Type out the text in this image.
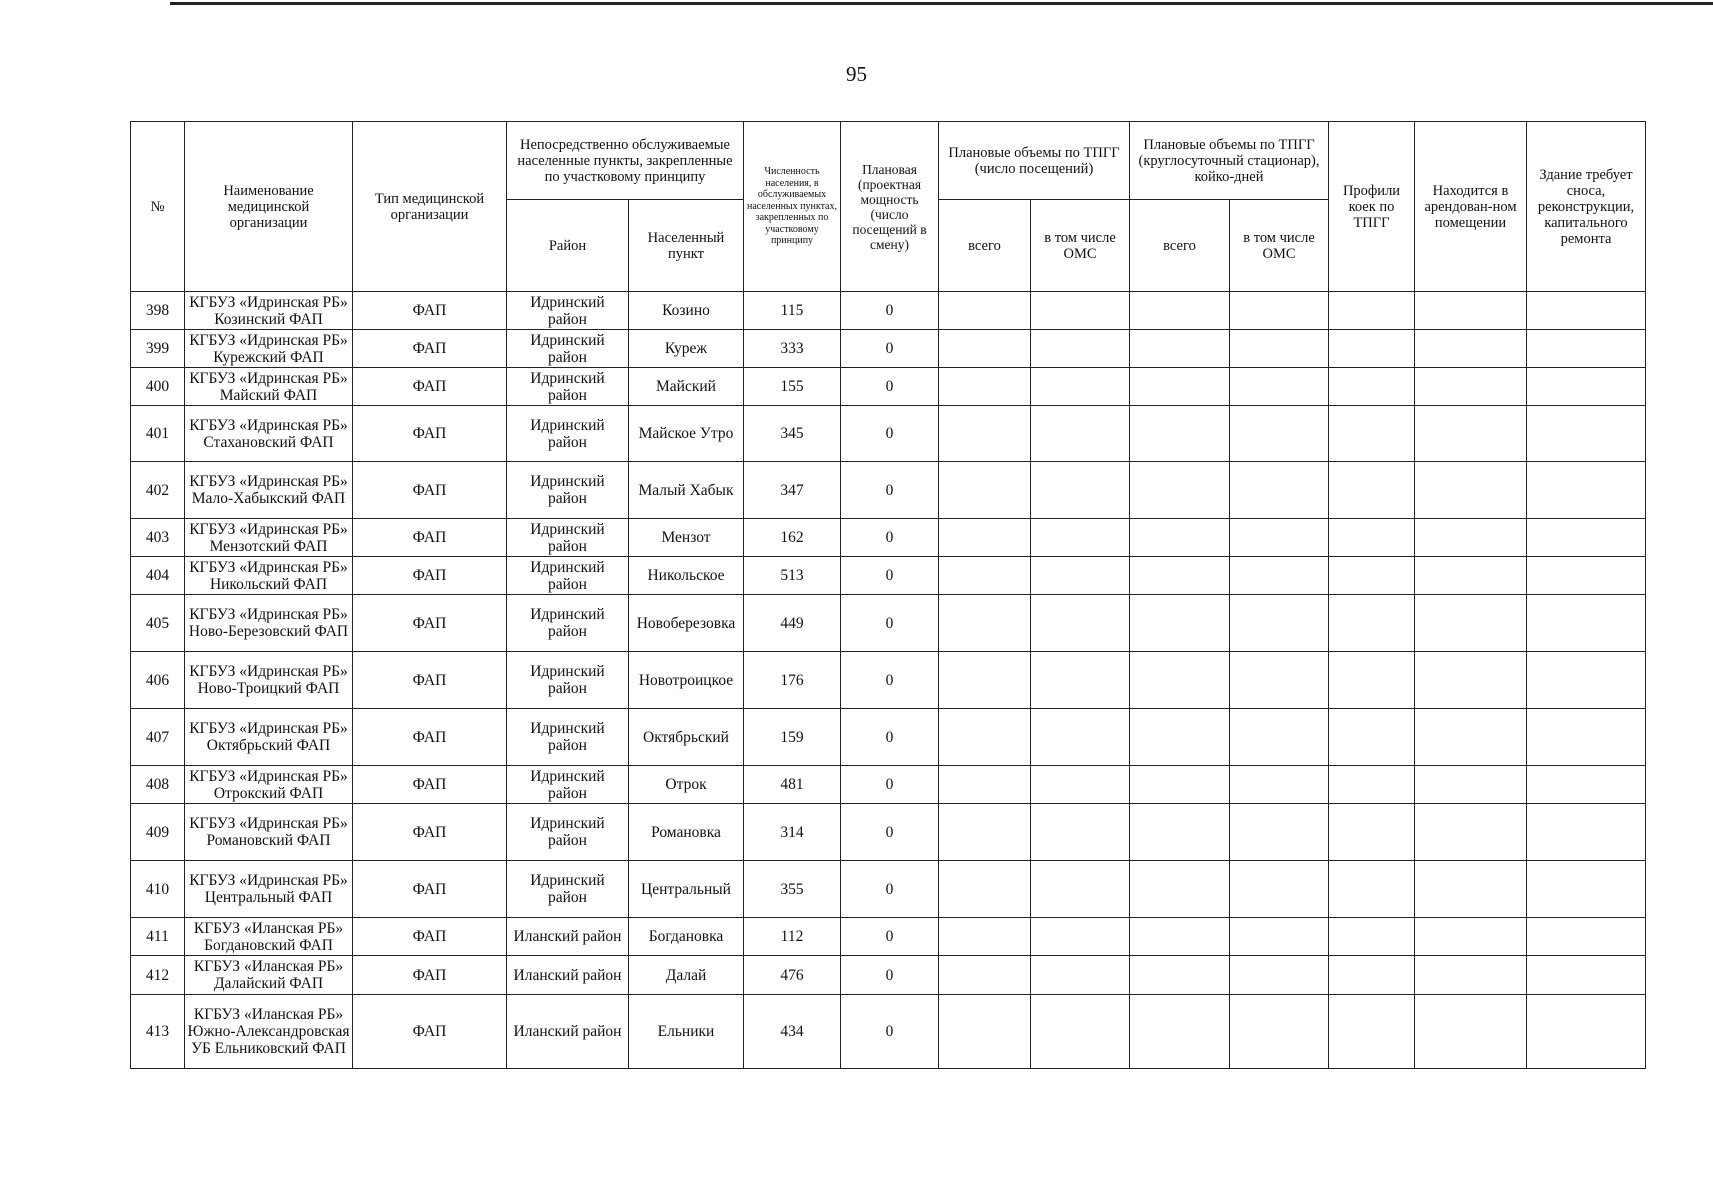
95
№	Наименование медицинской организации	Тип медицинской организации	Непосредственно обслуживаемые населенные пункты, закрепленные по участковому принципу		Численность населения, в обслуживаемых населенных пунктах, закрепленных по участковому принципу	Плановая (проектная мощность (число посещений в смену)	Плановые объемы по ТПГГ (число посещений)		Плановые объемы по ТПГГ (круглосуточный стационар), койко-дней		Профили коек по ТПГГ	Находится в арендован-ном помещении	Здание требует сноса, реконструкции, капитального ремонта
			Район	Населенный пункт			всего	в том числе ОМС	всего	в том числе ОМС			
398	КГБУЗ «Идринская РБ» Козинский ФАП	ФАП	Идринский район	Козино	115	0							
399	КГБУЗ «Идринская РБ» Курежский ФАП	ФАП	Идринский район	Куреж	333	0							
400	КГБУЗ «Идринская РБ» Майский ФАП	ФАП	Идринский район	Майский	155	0							
401	КГБУЗ «Идринская РБ» Стахановский ФАП	ФАП	Идринский район	Майское Утро	345	0							
402	КГБУЗ «Идринская РБ» Мало-Хабыкский ФАП	ФАП	Идринский район	Малый Хабык	347	0							
403	КГБУЗ «Идринская РБ» Мензотский ФАП	ФАП	Идринский район	Мензот	162	0							
404	КГБУЗ «Идринская РБ» Никольский ФАП	ФАП	Идринский район	Никольское	513	0							
405	КГБУЗ «Идринская РБ» Ново-Березовский ФАП	ФАП	Идринский район	Новоберезовка	449	0							
406	КГБУЗ «Идринская РБ» Ново-Троицкий ФАП	ФАП	Идринский район	Новотроицкое	176	0							
407	КГБУЗ «Идринская РБ» Октябрьский ФАП	ФАП	Идринский район	Октябрьский	159	0							
408	КГБУЗ «Идринская РБ» Отрокский ФАП	ФАП	Идринский район	Отрок	481	0							
409	КГБУЗ «Идринская РБ» Романовский ФАП	ФАП	Идринский район	Романовка	314	0							
410	КГБУЗ «Идринская РБ» Центральный ФАП	ФАП	Идринский район	Центральный	355	0							
411	КГБУЗ «Иланская РБ» Богдановский ФАП	ФАП	Иланский район	Богдановка	112	0							
412	КГБУЗ «Иланская РБ» Далайский ФАП	ФАП	Иланский район	Далай	476	0							
413	КГБУЗ «Иланская РБ» Южно-Александровская УБ Ельниковский ФАП	ФАП	Иланский район	Ельники	434	0							
